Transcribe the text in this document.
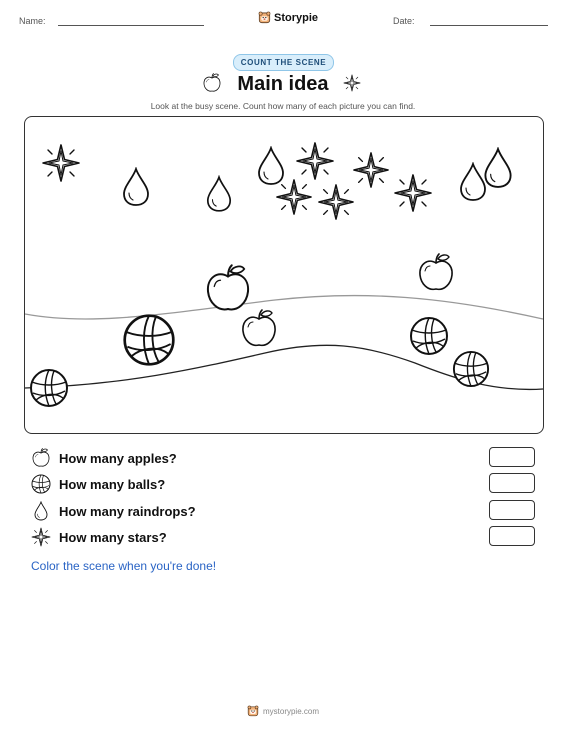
Name:	Storypie	Date:
COUNT THE SCENE
Main idea
Look at the busy scene. Count how many of each picture you can find.
How many apples?
How many balls?
How many raindrops?
How many stars?
Color the scene when you're done!
mystorypie.com
